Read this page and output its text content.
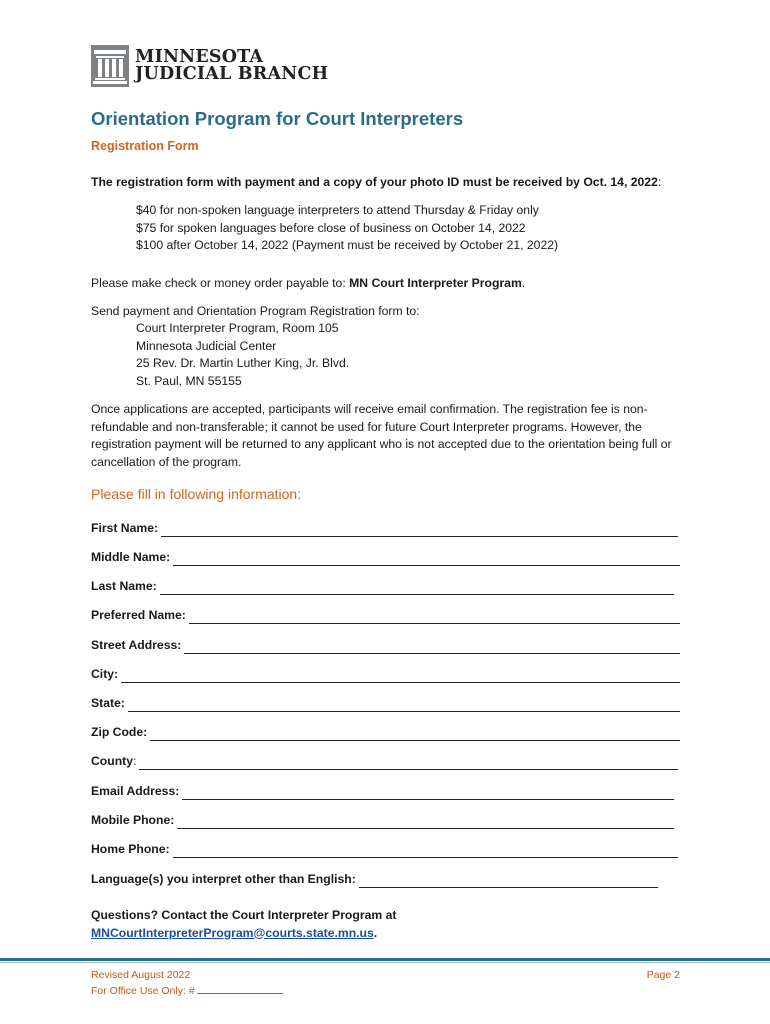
MINNESOTA
JUDICIAL BRANCH
Orientation Program for Court Interpreters
Registration Form
The registration form with payment and a copy of your photo ID must be received by Oct. 14, 2022:
$40 for non-spoken language interpreters to attend Thursday & Friday only
$75 for spoken languages before close of business on October 14, 2022
$100 after October 14, 2022 (Payment must be received by October 21, 2022)
Please make check or money order payable to: MN Court Interpreter Program.
Send payment and Orientation Program Registration form to:
Court Interpreter Program, Room 105
Minnesota Judicial Center
25 Rev. Dr. Martin Luther King, Jr. Blvd.
St. Paul, MN 55155
Once applications are accepted, participants will receive email confirmation. The registration fee is non-refundable and non-transferable; it cannot be used for future Court Interpreter programs. However, the registration payment will be returned to any applicant who is not accepted due to the orientation being full or cancellation of the program.
Please fill in following information:
First Name:
Middle Name:
Last Name:
Preferred Name:
Street Address:
City:
State:
Zip Code:
County:
Email Address:
Mobile Phone:
Home Phone:
Language(s) you interpret other than English:
Questions? Contact the Court Interpreter Program at
MNCourtInterpreterProgram@courts.state.mn.us.
Revised August 2022
For Office Use Only: #
Page 2
